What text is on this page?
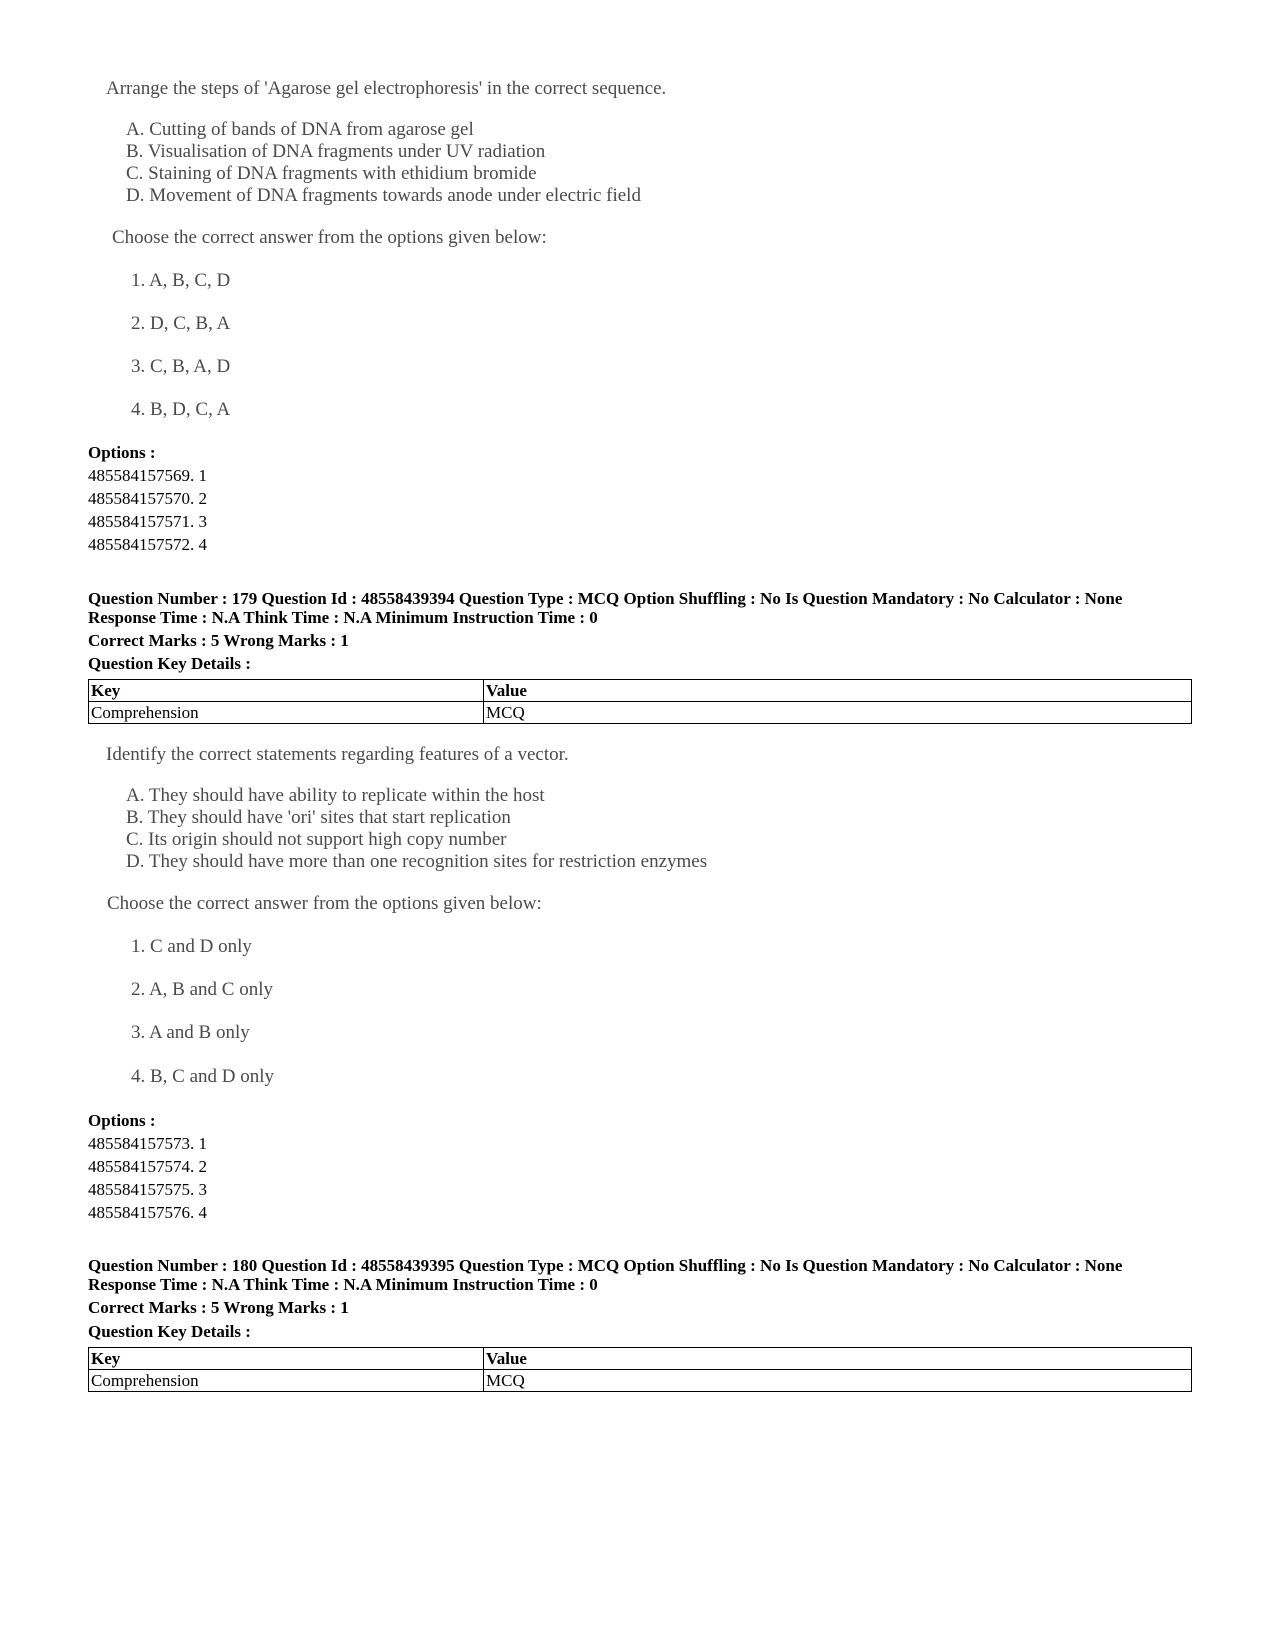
Arrange the steps of 'Agarose gel electrophoresis' in the correct sequence.
A. Cutting of bands of DNA from agarose gel
B. Visualisation of DNA fragments under UV radiation
C. Staining of DNA fragments with ethidium bromide
D. Movement of DNA fragments towards anode under electric field
Choose the correct answer from the options given below:
1. A, B, C, D
2. D, C, B, A
3. C, B, A, D
4. B, D, C, A
Options :
485584157569. 1
485584157570. 2
485584157571. 3
485584157572. 4
Question Number : 179 Question Id : 48558439394 Question Type : MCQ Option Shuffling : No Is Question Mandatory : No Calculator : None
Response Time : N.A Think Time : N.A Minimum Instruction Time : 0
Correct Marks : 5 Wrong Marks : 1
Question Key Details :
Key	Value
Comprehension	MCQ
Identify the correct statements regarding features of a vector.
A. They should have ability to replicate within the host
B. They should have 'ori' sites that start replication
C. Its origin should not support high copy number
D. They should have more than one recognition sites for restriction enzymes
Choose the correct answer from the options given below:
1. C and D only
2. A, B and C only
3. A and B only
4. B, C and D only
Options :
485584157573. 1
485584157574. 2
485584157575. 3
485584157576. 4
Question Number : 180 Question Id : 48558439395 Question Type : MCQ Option Shuffling : No Is Question Mandatory : No Calculator : None
Response Time : N.A Think Time : N.A Minimum Instruction Time : 0
Correct Marks : 5 Wrong Marks : 1
Question Key Details :
Key	Value
Comprehension	MCQ
